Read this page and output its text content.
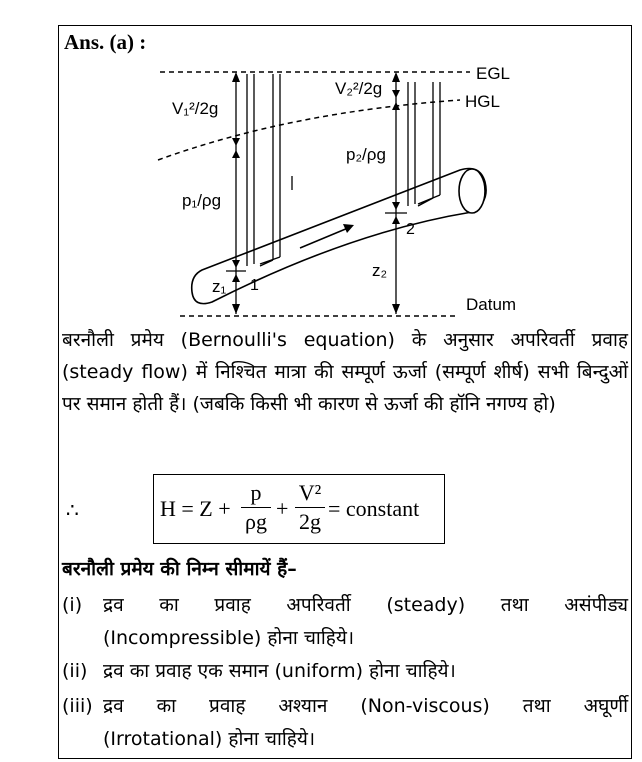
Ans. (a) :
EGL
HGL
V₁²/2g
V₂²/2g
p₁/ρg
p₂/ρg
z₁
z₂
1
2
Datum
बरनौली प्रमेय (Bernoulli's equation) के अनुसार अपरिवर्ती प्रवाह (steady flow) में निश्चित मात्रा की सम्पूर्ण ऊर्जा (सम्पूर्ण शीर्ष) सभी बिन्दुओं पर समान होती हैं। (जबकि किसी भी कारण से ऊर्जा की हॉनि नगण्य हो)
∴	H = Z +
p
ρg
+
V²
2g
= constant
बरनौली प्रमेय की निम्न सीमायें हैं–
(i) द्रव का प्रवाह अपरिवर्ती (steady) तथा असंपीड्य
(Incompressible) होना चाहिये।
(ii) द्रव का प्रवाह एक समान (uniform) होना चाहिये।
(iii) द्रव का प्रवाह अश्यान (Non-viscous) तथा अघूर्णी
(Irrotational) होना चाहिये।
